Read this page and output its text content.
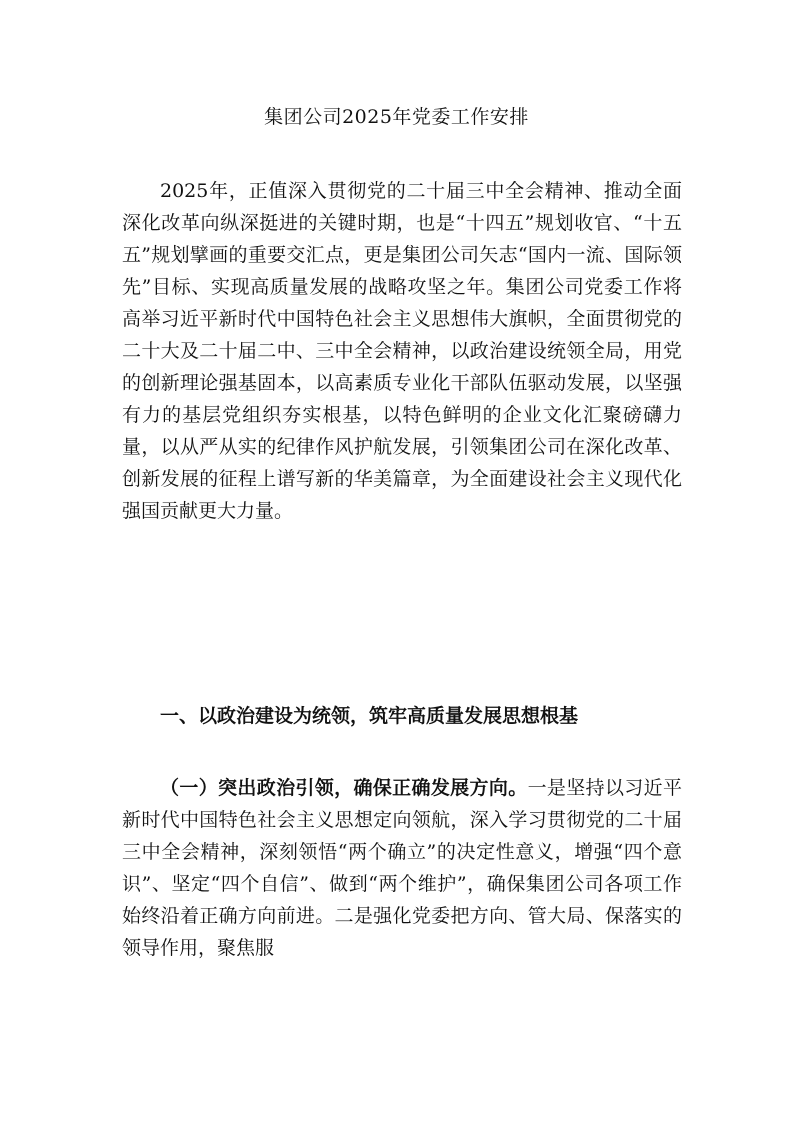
集团公司2025年党委工作安排

2025年，正值深入贯彻党的二十届三中全会精神、推动全面深化改革向纵深挺进的关键时期，也是“十四五”规划收官、“十五五”规划擘画的重要交汇点，更是集团公司矢志“国内一流、国际领先”目标、实现高质量发展的战略攻坚之年。集团公司党委工作将高举习近平新时代中国特色社会主义思想伟大旗帜，全面贯彻党的二十大及二十届二中、三中全会精神，以政治建设统领全局，用党的创新理论强基固本，以高素质专业化干部队伍驱动发展，以坚强有力的基层党组织夯实根基，以特色鲜明的企业文化汇聚磅礴力量，以从严从实的纪律作风护航发展，引领集团公司在深化改革、创新发展的征程上谱写新的华美篇章，为全面建设社会主义现代化强国贡献更大力量。

一、以政治建设为统领，筑牢高质量发展思想根基

（一）突出政治引领，确保正确发展方向。一是坚持以习近平新时代中国特色社会主义思想定向领航，深入学习贯彻党的二十届三中全会精神，深刻领悟“两个确立”的决定性意义，增强“四个意识”、坚定“四个自信”、做到“两个维护”，确保集团公司各项工作始终沿着正确方向前进。二是强化党委把方向、管大局、保落实的领导作用，聚焦服
